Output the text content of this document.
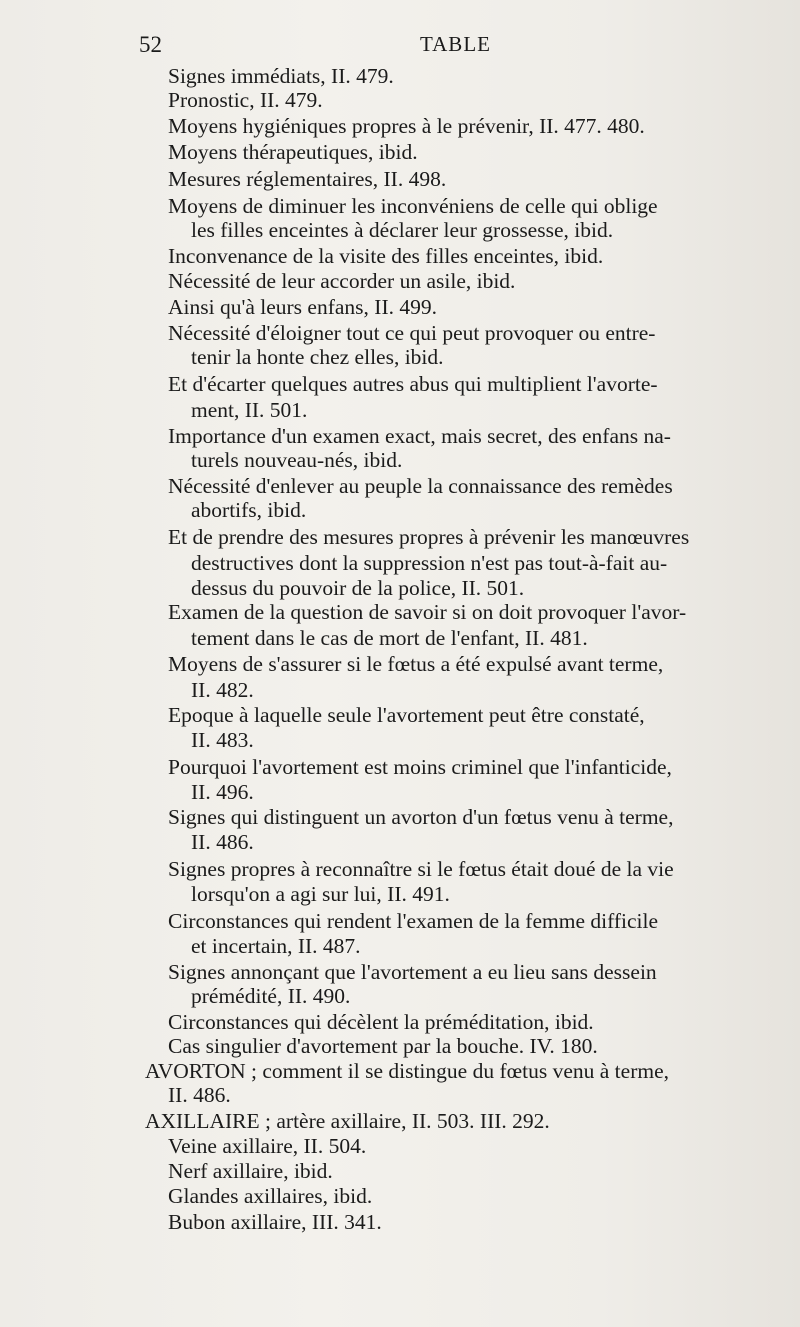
52	TABLE
Signes immédiats, II. 479.
Pronostic, II. 479.
Moyens hygiéniques propres à le prévenir, II. 477. 480.
Moyens thérapeutiques, ibid.
Mesures réglementaires, II. 498.
Moyens de diminuer les inconvéniens de celle qui oblige
les filles enceintes à déclarer leur grossesse, ibid.
Inconvenance de la visite des filles enceintes, ibid.
Nécessité de leur accorder un asile, ibid.
Ainsi qu'à leurs enfans, II. 499.
Nécessité d'éloigner tout ce qui peut provoquer ou entre-
tenir la honte chez elles, ibid.
Et d'écarter quelques autres abus qui multiplient l'avorte-
ment, II. 501.
Importance d'un examen exact, mais secret, des enfans na-
turels nouveau-nés, ibid.
Nécessité d'enlever au peuple la connaissance des remèdes
abortifs, ibid.
Et de prendre des mesures propres à prévenir les manœuvres
destructives dont la suppression n'est pas tout-à-fait au-
dessus du pouvoir de la police, II. 501.
Examen de la question de savoir si on doit provoquer l'avor-
tement dans le cas de mort de l'enfant, II. 481.
Moyens de s'assurer si le fœtus a été expulsé avant terme,
II. 482.
Epoque à laquelle seule l'avortement peut être constaté,
II. 483.
Pourquoi l'avortement est moins criminel que l'infanticide,
II. 496.
Signes qui distinguent un avorton d'un fœtus venu à terme,
II. 486.
Signes propres à reconnaître si le fœtus était doué de la vie
lorsqu'on a agi sur lui, II. 491.
Circonstances qui rendent l'examen de la femme difficile
et incertain, II. 487.
Signes annonçant que l'avortement a eu lieu sans dessein
prémédité, II. 490.
Circonstances qui décèlent la préméditation, ibid.
Cas singulier d'avortement par la bouche. IV. 180.
AVORTON ; comment il se distingue du fœtus venu à terme,
II. 486.
AXILLAIRE ; artère axillaire, II. 503. III. 292.
Veine axillaire, II. 504.
Nerf axillaire, ibid.
Glandes axillaires, ibid.
Bubon axillaire, III. 341.
